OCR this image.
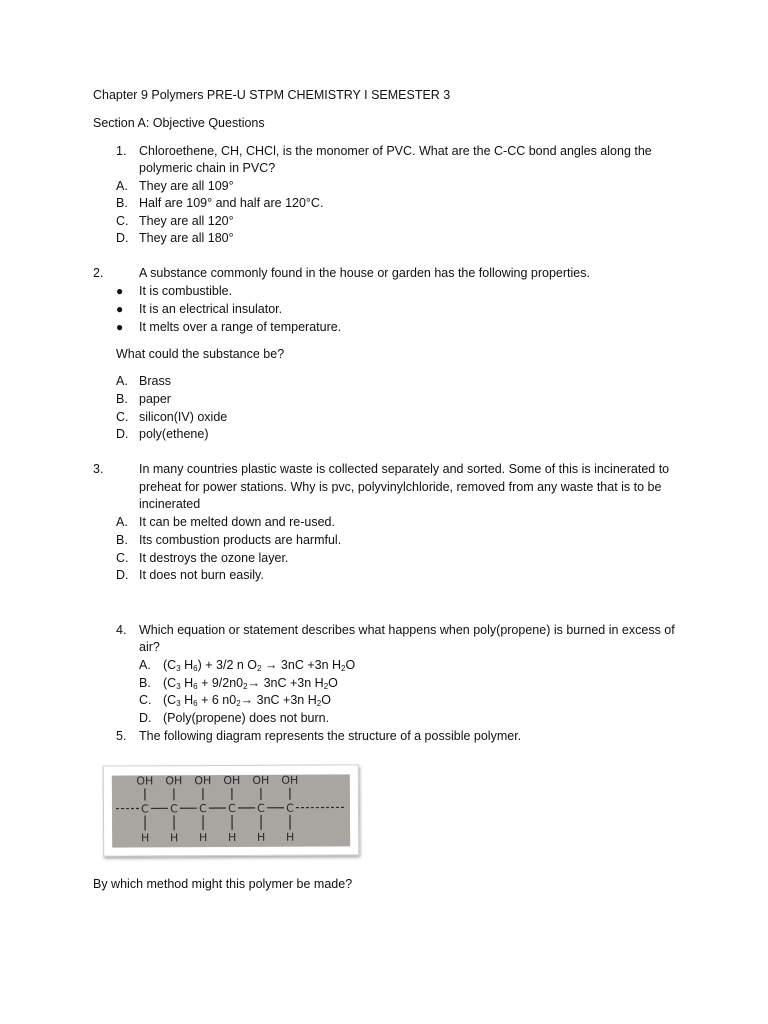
Chapter 9 Polymers PRE-U STPM CHEMISTRY I SEMESTER 3
Section A: Objective Questions
1. Chloroethene, CH, CHCl, is the monomer of PVC. What are the C-CC bond angles along the
polymeric chain in PVC?
A. They are all 109°
B. Half are 109° and half are 120°C.
C. They are all 120°
D. They are all 180°
2.	A substance commonly found in the house or garden has the following properties.
● It is combustible.
● It is an electrical insulator.
● It melts over a range of temperature.
What could the substance be?
A. Brass
B. paper
C. silicon(IV) oxide
D. poly(ethene)
3.	In many countries plastic waste is collected separately and sorted. Some of this is incinerated to
preheat for power stations. Why is pvc, polyvinylchloride, removed from any waste that is to be
incinerated
A. It can be melted down and re-used.
B. Its combustion products are harmful.
C. It destroys the ozone layer.
D. It does not burn easily.
4. Which equation or statement describes what happens when poly(propene) is burned in excess of
air?
A. ($C_3$ $H_6) + 3/2$ n $O_2 \to 3nC +3n$ $H_2O$
B. ($C_3$ $H_6 + 9/2n0_2\to 3nC +3n$ $H_2O$
C. ($C_3$ $H_6 + 6$ $n0_2\to 3nC +3n$ $H_2O$
D. (Poly(propene) does not burn.
5. The following diagram represents the structure of a possible polymer.
OH OH OH OH OH OH
C C C C C C
H H H H H H
By which method might this polymer be made?
